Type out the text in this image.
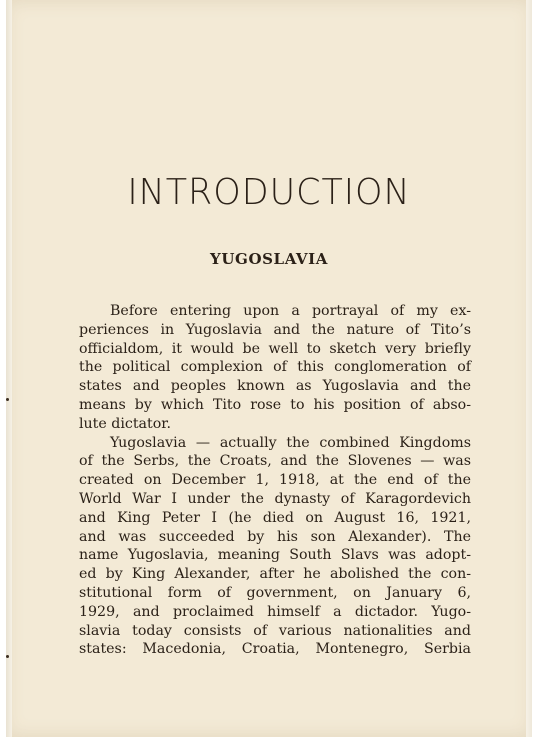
INTRODUCTION
YUGOSLAVIA
Before entering upon a portrayal of my ex-
periences in Yugoslavia and the nature of Tito’s
officialdom, it would be well to sketch very briefly
the political complexion of this conglomeration of
states and peoples known as Yugoslavia and the
means by which Tito rose to his position of abso-
lute dictator.
Yugoslavia — actually the combined Kingdoms
of the Serbs, the Croats, and the Slovenes — was
created on December 1, 1918, at the end of the
World War I under the dynasty of Karagordevich
and King Peter I (he died on August 16, 1921,
and was succeeded by his son Alexander). The
name Yugoslavia, meaning South Slavs was adopt-
ed by King Alexander, after he abolished the con-
stitutional form of government, on January 6,
1929, and proclaimed himself a dictador. Yugo-
slavia today consists of various nationalities and
states: Macedonia, Croatia, Montenegro, Serbia
